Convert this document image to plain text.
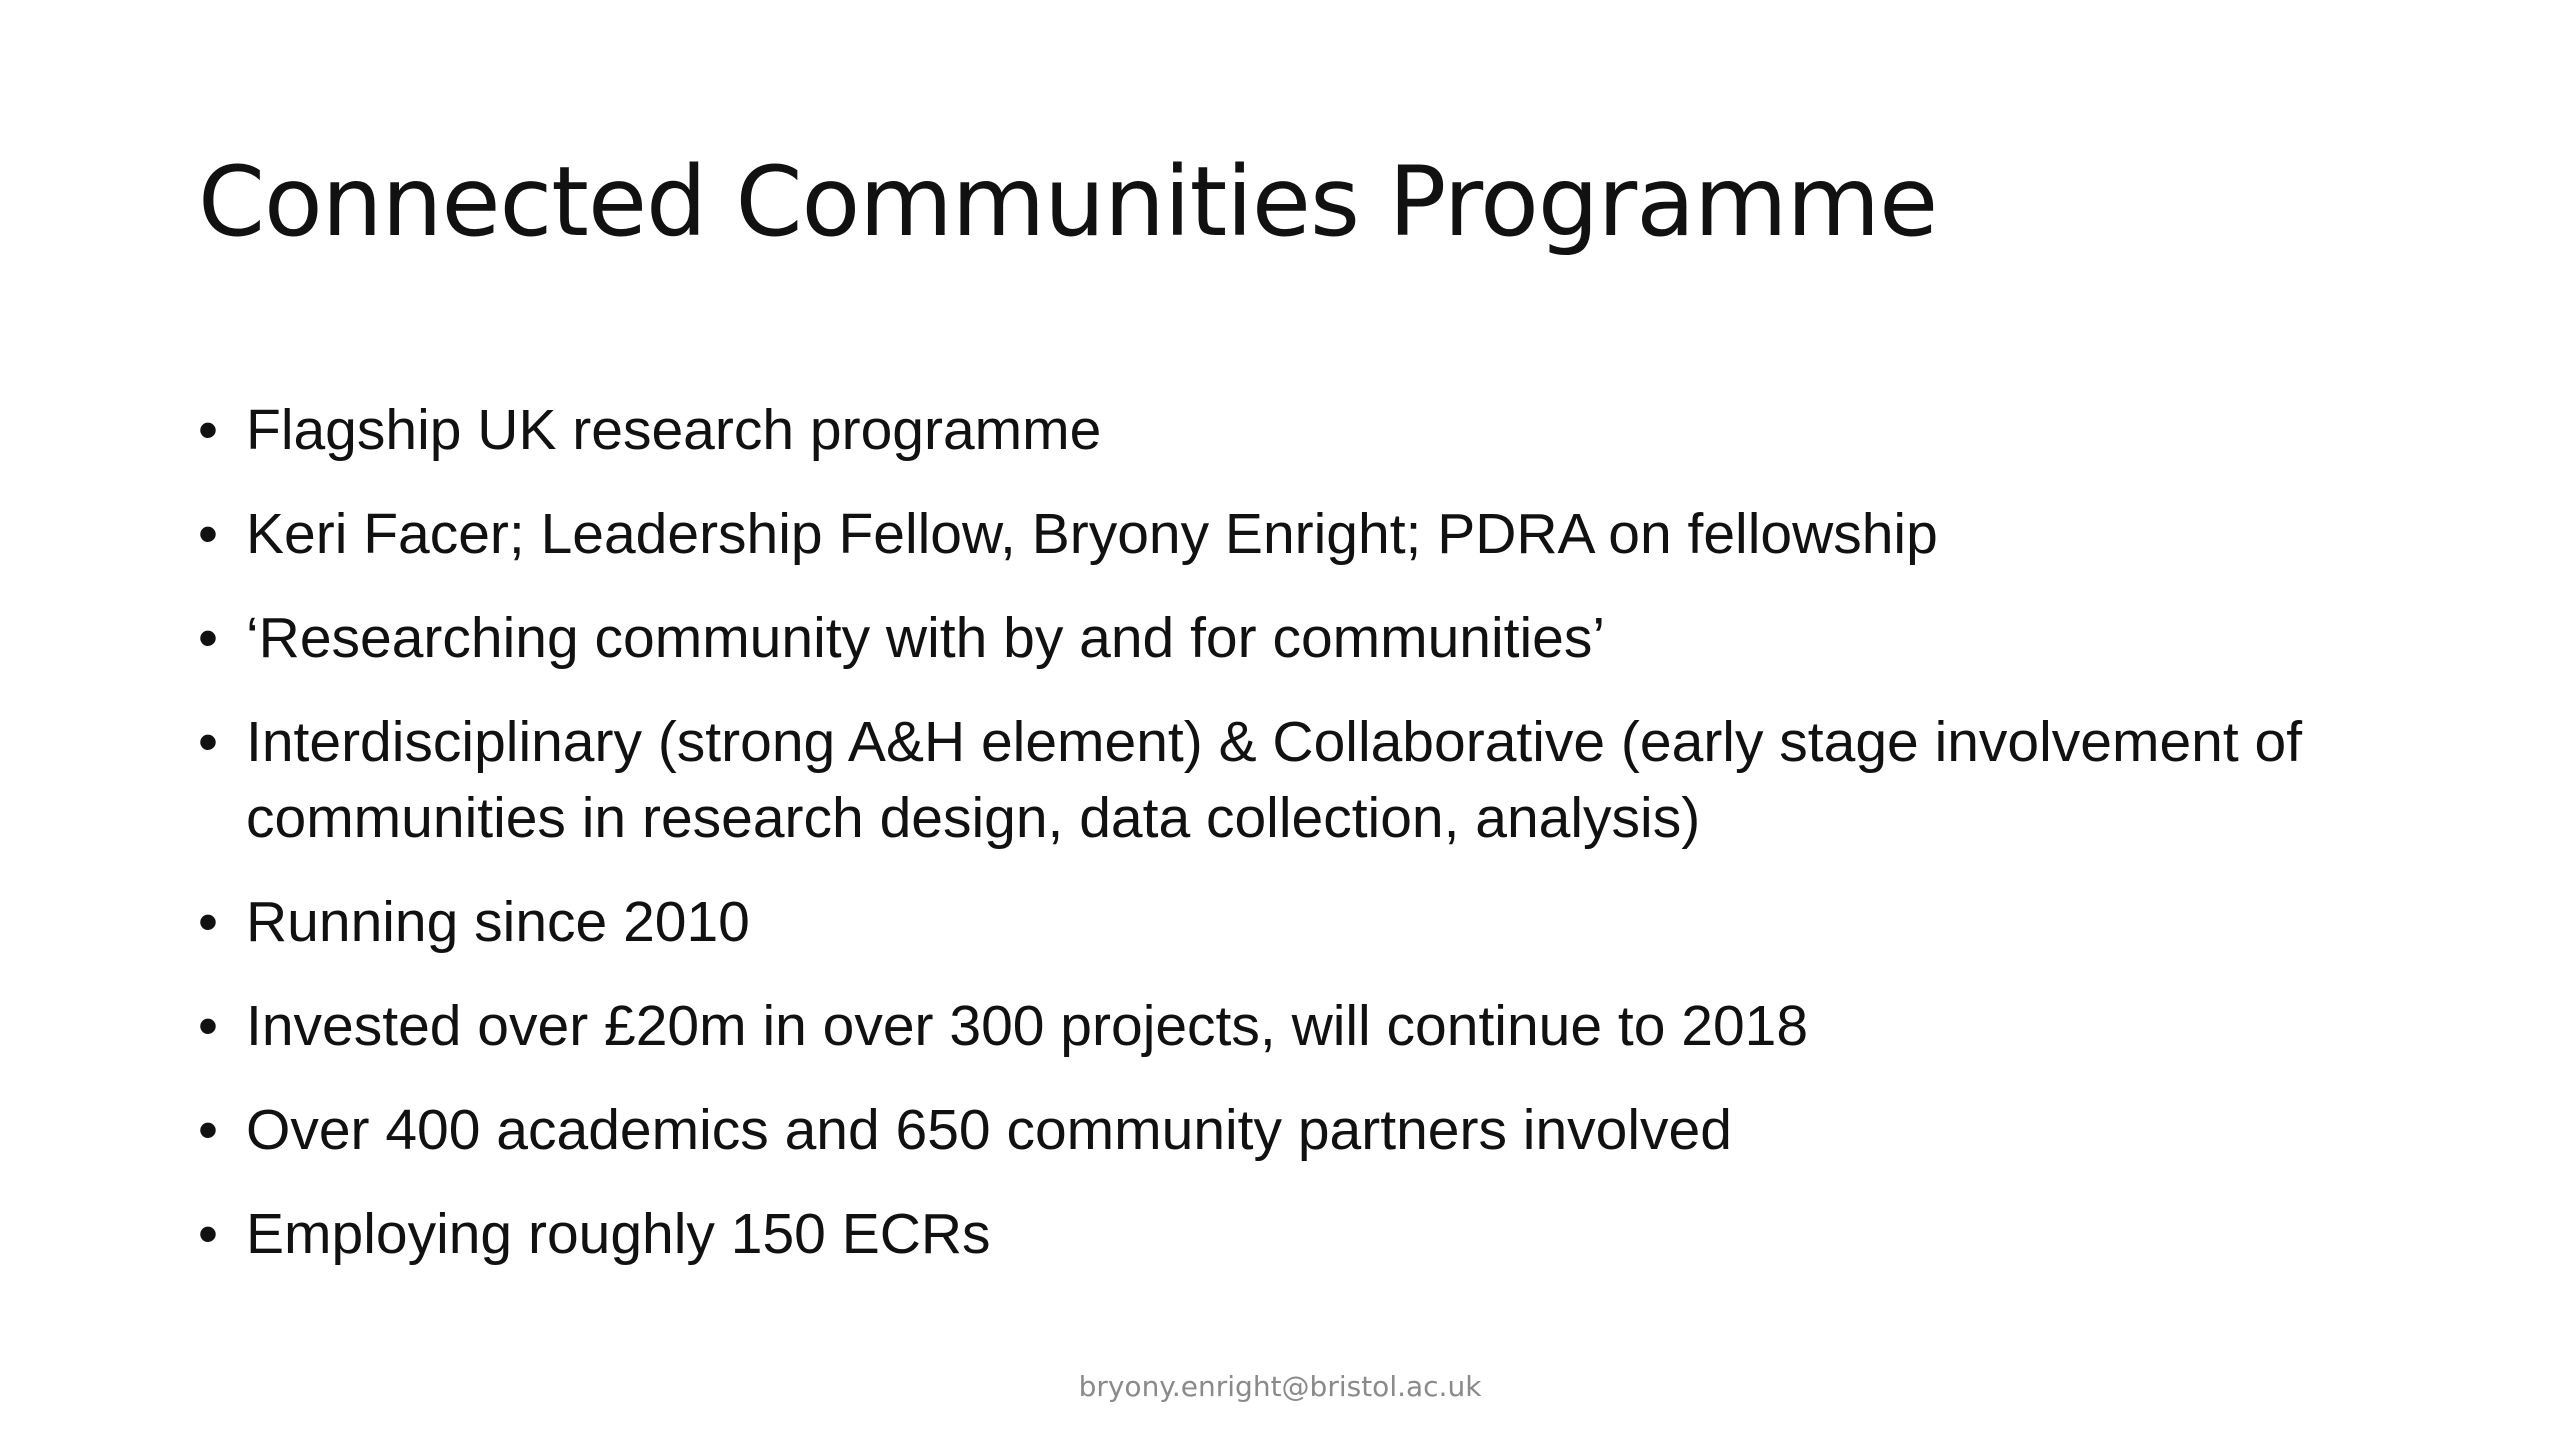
Connected Communities Programme
• Flagship UK research programme
• Keri Facer; Leadership Fellow, Bryony Enright; PDRA on fellowship
• ‘Researching community with by and for communities’
• Interdisciplinary (strong A&H element) & Collaborative (early stage involvement of communities in research design, data collection, analysis)
• Running since 2010
• Invested over £20m in over 300 projects, will continue to 2018
• Over 400 academics and 650 community partners involved
• Employing roughly 150 ECRs
bryony.enright@bristol.ac.uk
